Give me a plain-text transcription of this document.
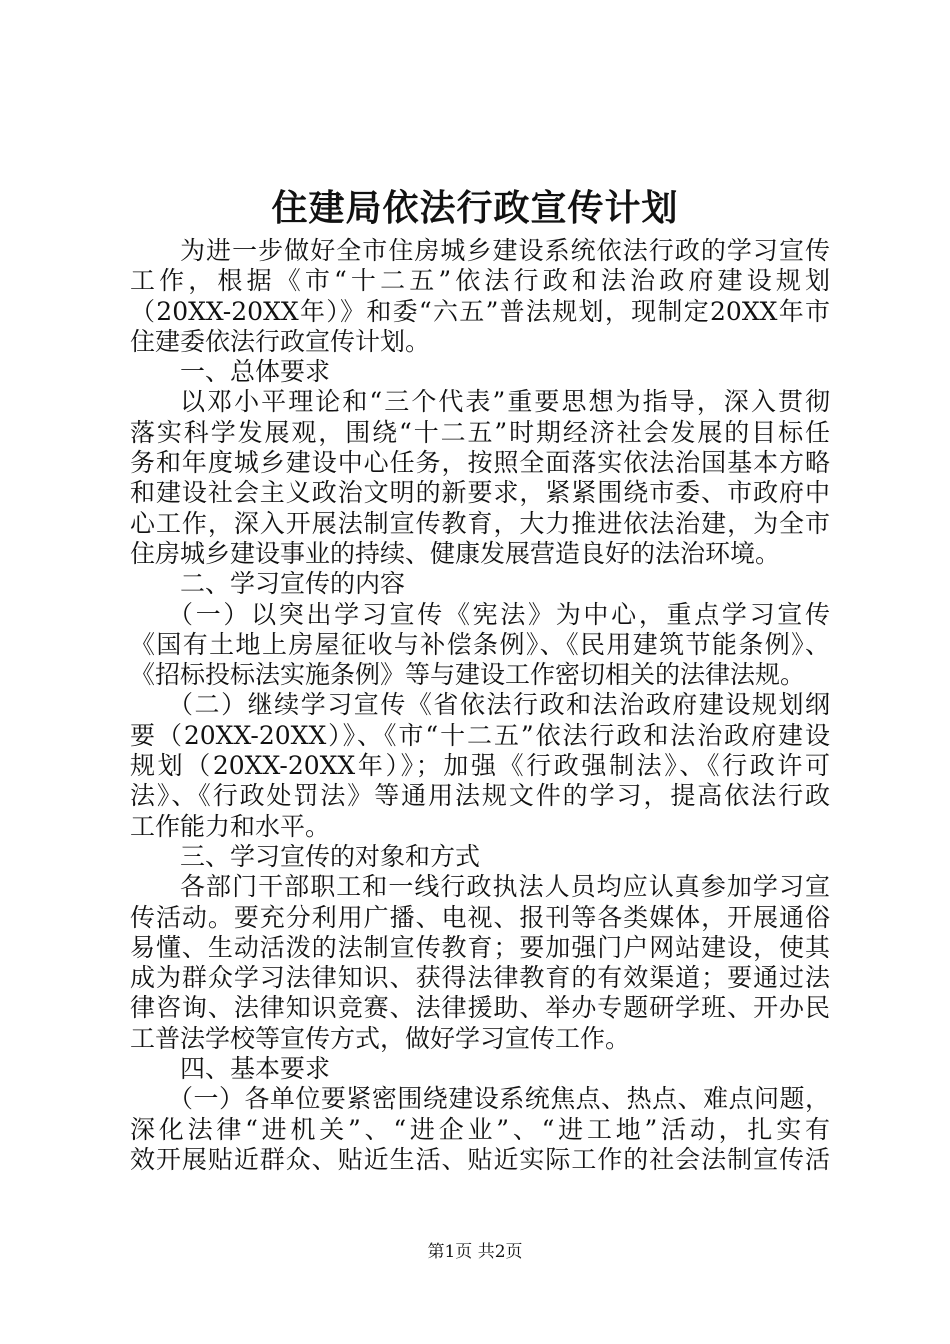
住建局依法行政宣传计划
为进一步做好全市住房城乡建设系统依法行政的学习宣传
工作，根据《市“十二五”依法行政和法治政府建设规划
（20XX-20XX年）》和委“六五”普法规划，现制定20XX年市
住建委依法行政宣传计划。
一、总体要求
以邓小平理论和“三个代表”重要思想为指导，深入贯彻
落实科学发展观，围绕“十二五”时期经济社会发展的目标任
务和年度城乡建设中心任务，按照全面落实依法治国基本方略
和建设社会主义政治文明的新要求，紧紧围绕市委、市政府中
心工作，深入开展法制宣传教育，大力推进依法治建，为全市
住房城乡建设事业的持续、健康发展营造良好的法治环境。
二、学习宣传的内容
（一）以突出学习宣传《宪法》为中心，重点学习宣传
《国有土地上房屋征收与补偿条例》、《民用建筑节能条例》、
《招标投标法实施条例》等与建设工作密切相关的法律法规。
（二）继续学习宣传《省依法行政和法治政府建设规划纲
要（20XX-20XX）》、《市“十二五”依法行政和法治政府建设
规划（20XX-20XX年）》；加强《行政强制法》、《行政许可
法》、《行政处罚法》等通用法规文件的学习，提高依法行政
工作能力和水平。
三、学习宣传的对象和方式
各部门干部职工和一线行政执法人员均应认真参加学习宣
传活动。要充分利用广播、电视、报刊等各类媒体，开展通俗
易懂、生动活泼的法制宣传教育；要加强门户网站建设，使其
成为群众学习法律知识、获得法律教育的有效渠道；要通过法
律咨询、法律知识竞赛、法律援助、举办专题研学班、开办民
工普法学校等宣传方式，做好学习宣传工作。
四、基本要求
（一）各单位要紧密围绕建设系统焦点、热点、难点问题，
深化法律“进机关”、“进企业”、“进工地”活动，扎实有
效开展贴近群众、贴近生活、贴近实际工作的社会法制宣传活
第1页 共2页
